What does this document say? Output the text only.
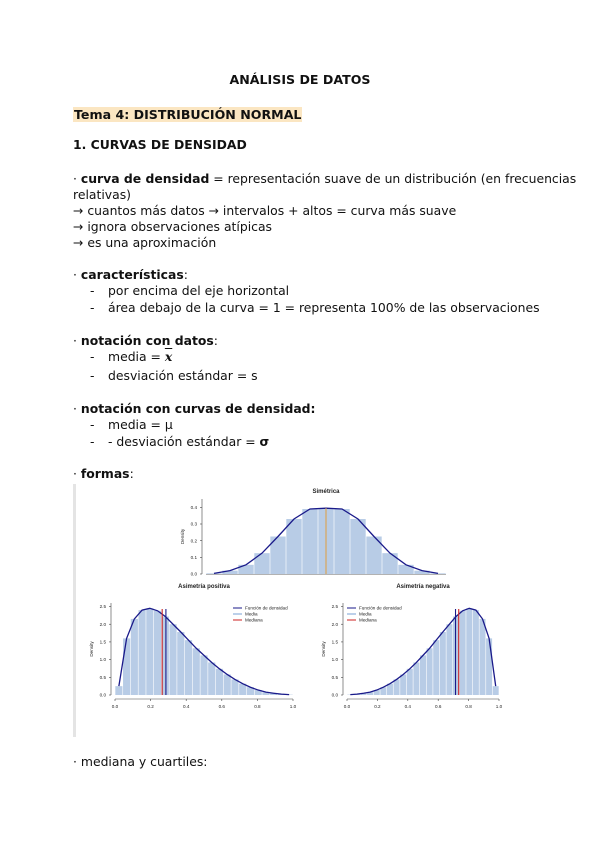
ANÁLISIS DE DATOS
Tema 4: DISTRIBUCIÓN NORMAL
1. CURVAS DE DENSIDAD
· curva de densidad = representación suave de un distribución (en frecuencias
relativas)
→ cuantos más datos → intervalos + altos = curva más suave
→ ignora observaciones atípicas
→ es una aproximación
· características:
- por encima del eje horizontal
- área debajo de la curva = 1 = representa 100% de las observaciones
· notación con datos:
- media = $\overline{x}$
- desviación estándar = s
· notación con curvas de densidad:
- media = μ
- - desviación estándar = σ
· formas:
Simétrica
0.0
0.1
0.2
0.3
0.4
Density
Asimetría positiva
0.0
0.5
1.0
1.5
2.0
2.5
Density
0.0	0.2	0.4	0.6	0.8	1.0
Función de densidad
Media
Mediana
Asimetría negativa
0.0
0.5
1.0
1.5
2.0
2.5
Density
0.0	0.2	0.4	0.6	0.8	1.0
Función de densidad
Media
Mediana
· mediana y cuartiles:
